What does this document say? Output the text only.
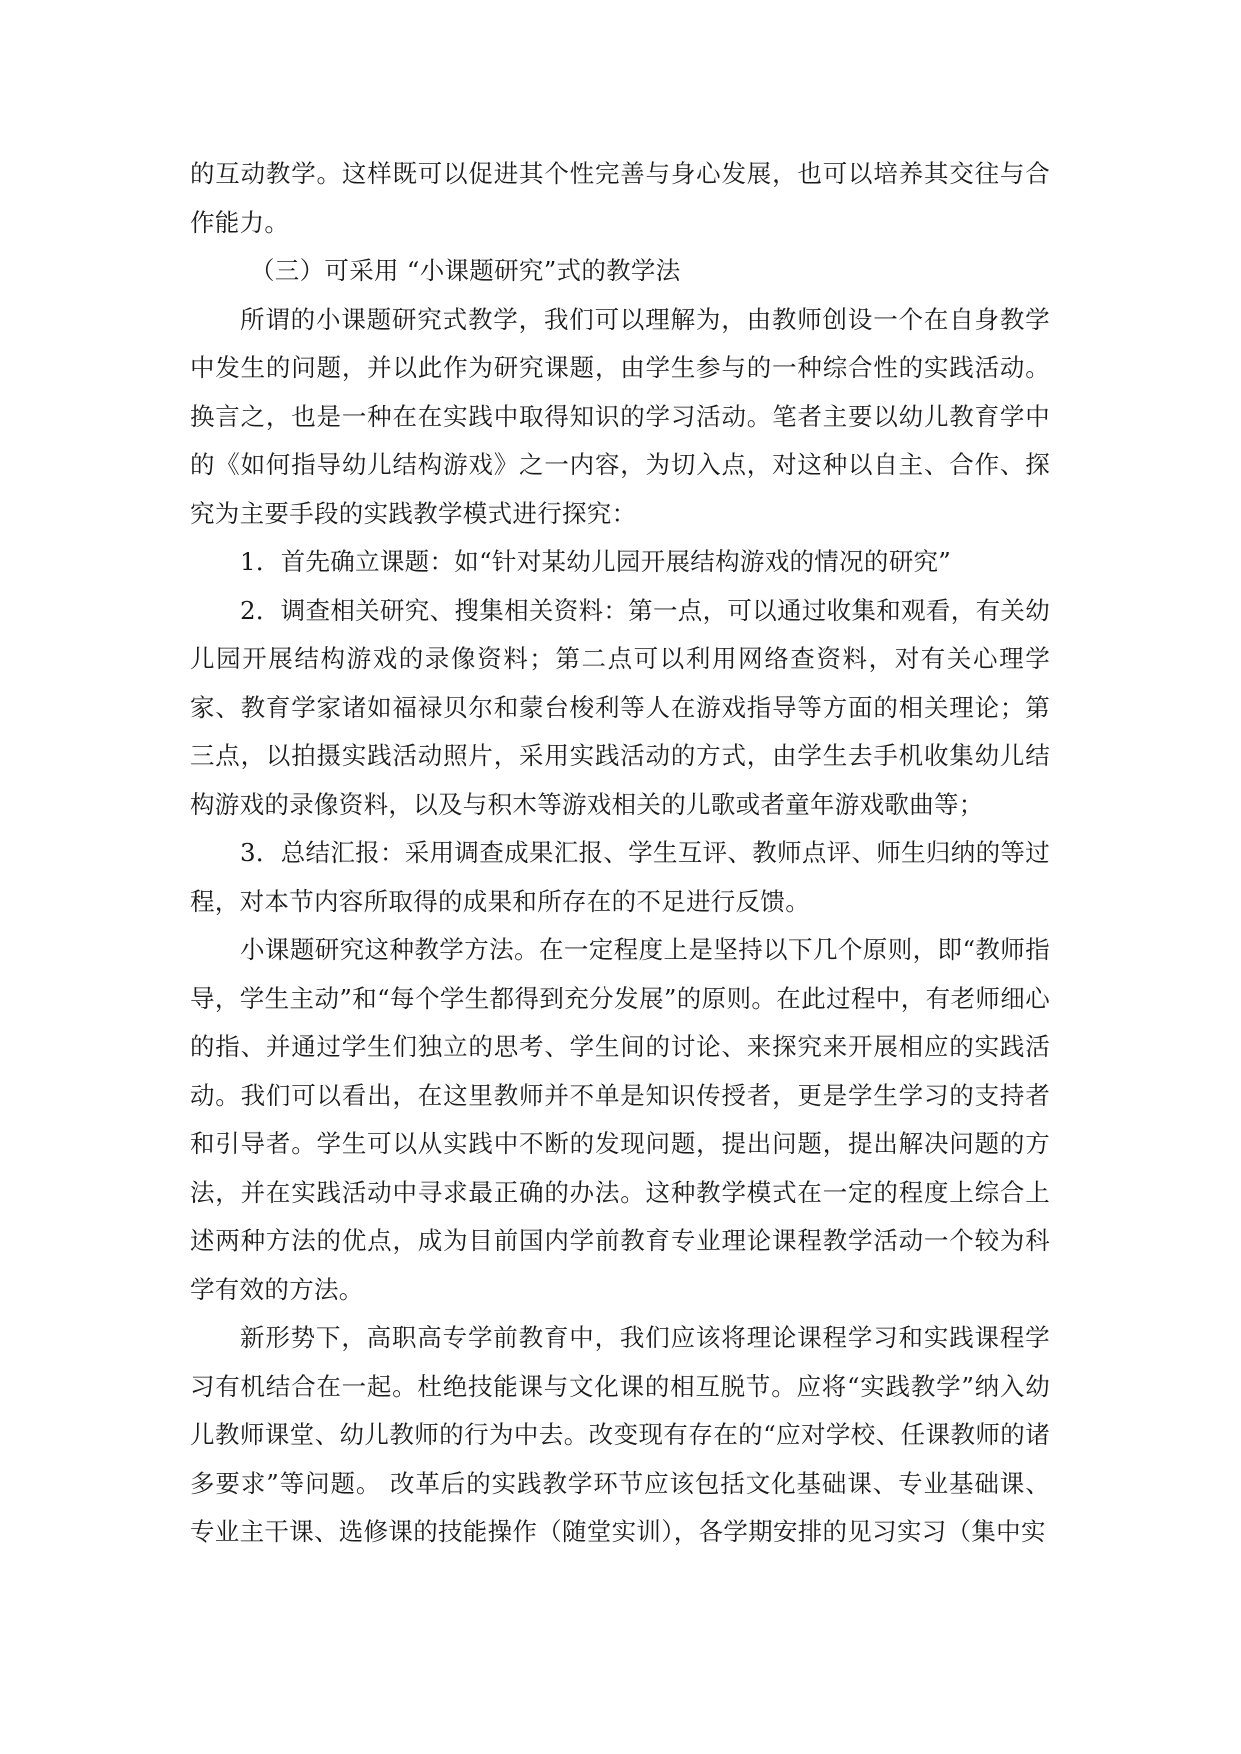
的互动教学。这样既可以促进其个性完善与身心发展，也可以培养其交往与合作能力。

（三）可采用 “小课题研究”式的教学法

所谓的小课题研究式教学，我们可以理解为，由教师创设一个在自身教学中发生的问题，并以此作为研究课题，由学生参与的一种综合性的实践活动。换言之，也是一种在在实践中取得知识的学习活动。笔者主要以幼儿教育学中的《如何指导幼儿结构游戏》之一内容，为切入点，对这种以自主、合作、探究为主要手段的实践教学模式进行探究：

1．首先确立课题：如“针对某幼儿园开展结构游戏的情况的研究”

2．调查相关研究、搜集相关资料：第一点，可以通过收集和观看，有关幼儿园开展结构游戏的录像资料；第二点可以利用网络查资料，对有关心理学家、教育学家诸如福禄贝尔和蒙台梭利等人在游戏指导等方面的相关理论；第三点，以拍摄实践活动照片，采用实践活动的方式，由学生去手机收集幼儿结构游戏的录像资料，以及与积木等游戏相关的儿歌或者童年游戏歌曲等；

3．总结汇报：采用调查成果汇报、学生互评、教师点评、师生归纳的等过程，对本节内容所取得的成果和所存在的不足进行反馈。

小课题研究这种教学方法。在一定程度上是坚持以下几个原则，即“教师指导，学生主动”和“每个学生都得到充分发展”的原则。在此过程中，有老师细心的指、并通过学生们独立的思考、学生间的讨论、来探究来开展相应的实践活动。我们可以看出，在这里教师并不单是知识传授者，更是学生学习的支持者和引导者。学生可以从实践中不断的发现问题，提出问题，提出解决问题的方法，并在实践活动中寻求最正确的办法。这种教学模式在一定的程度上综合上述两种方法的优点，成为目前国内学前教育专业理论课程教学活动一个较为科学有效的方法。

新形势下，高职高专学前教育中，我们应该将理论课程学习和实践课程学习有机结合在一起。杜绝技能课与文化课的相互脱节。应将“实践教学”纳入幼儿教师课堂、幼儿教师的行为中去。改变现有存在的“应对学校、任课教师的诸多要求”等问题。 改革后的实践教学环节应该包括文化基础课、专业基础课、专业主干课、选修课的技能操作（随堂实训），各学期安排的见习实习（集中实
